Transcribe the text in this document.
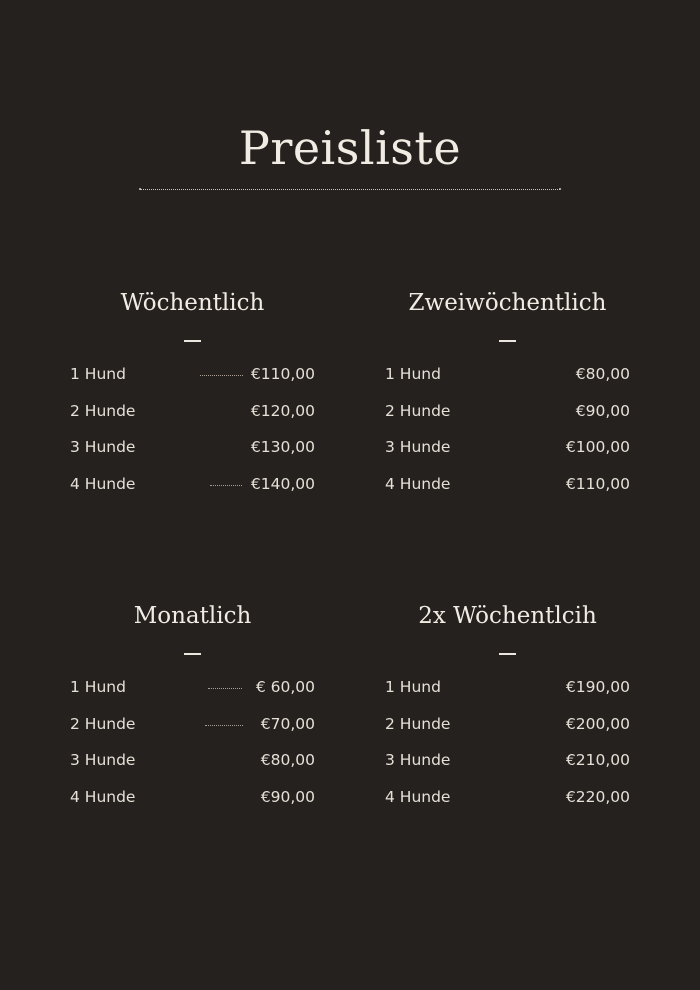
Preisliste
Wöchentlich
1 Hund	€110,00
2 Hunde	€120,00
3 Hunde	€130,00
4 Hunde	€140,00
Zweiwöchentlich
1 Hund	€80,00
2 Hunde	€90,00
3 Hunde	€100,00
4 Hunde	€110,00
Monatlich
1 Hund	€ 60,00
2 Hunde	€70,00
3 Hunde	€80,00
4 Hunde	€90,00
2x Wöchentlcih
1 Hund	€190,00
2 Hunde	€200,00
3 Hunde	€210,00
4 Hunde	€220,00
